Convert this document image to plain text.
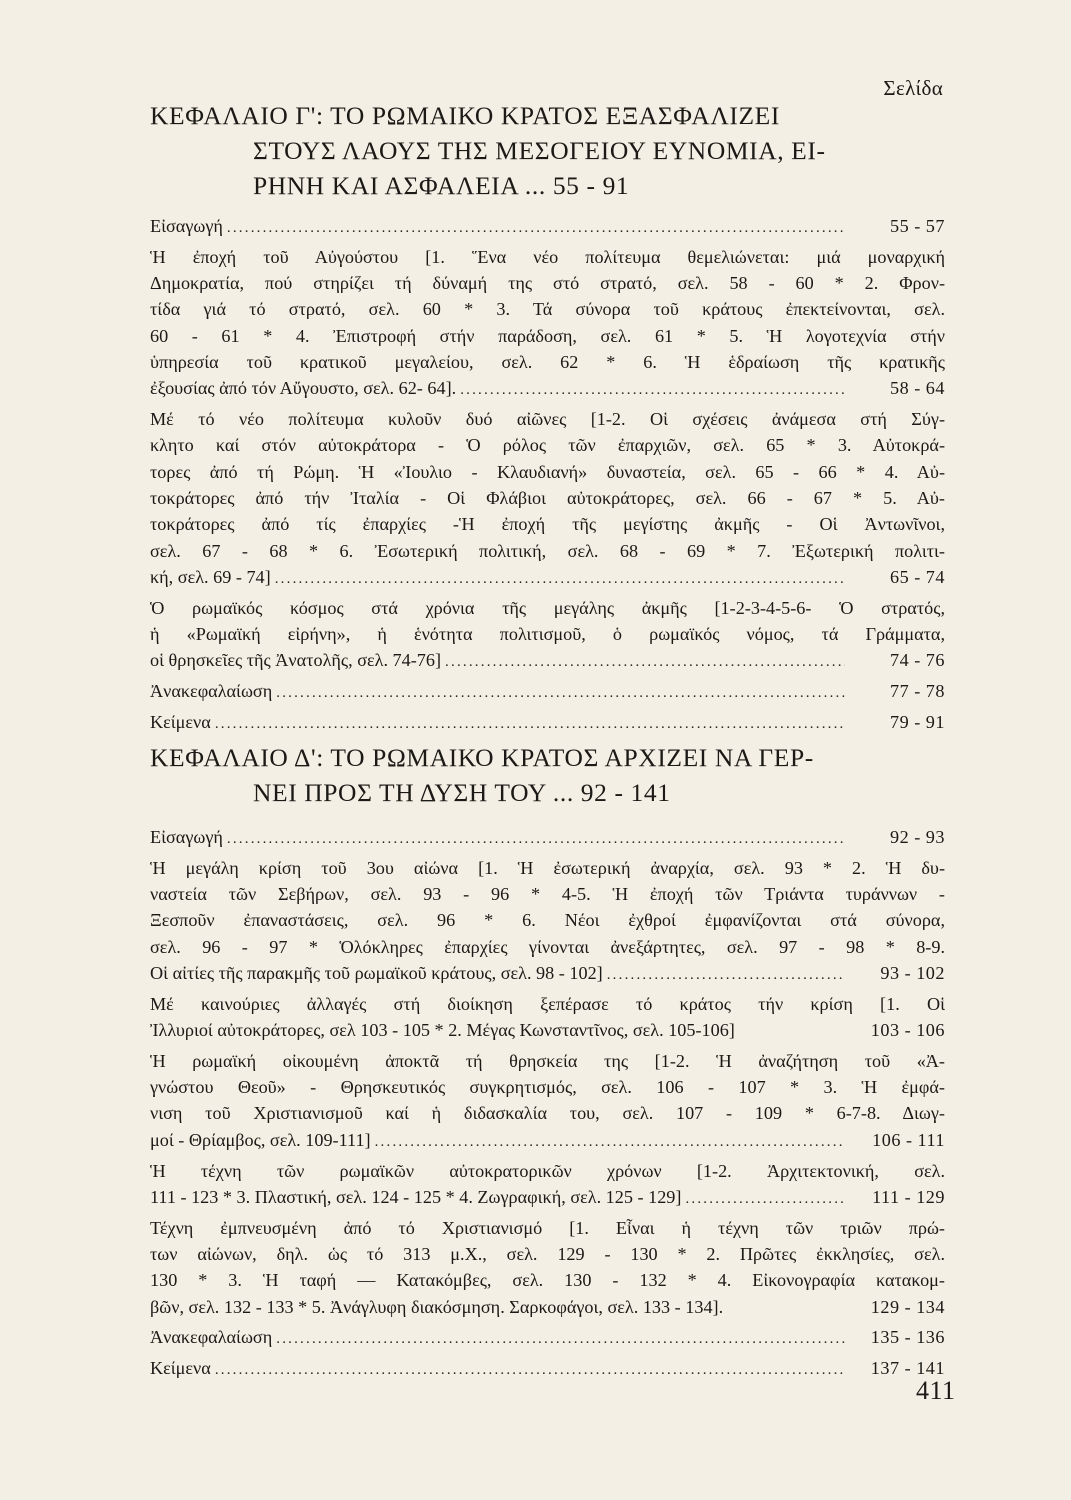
Σελίδα
ΚΕΦΑΛΑΙΟ Γ': ΤΟ ΡΩΜΑΙΚΟ ΚΡΑΤΟΣ ΕΞΑΣΦΑΛΙΖΕΙ
ΣΤΟΥΣ ΛΑΟΥΣ ΤΗΣ ΜΕΣΟΓΕΙΟΥ ΕΥΝΟΜΙΑ, ΕΙ-
ΡΗΝΗ ΚΑΙ ΑΣΦΑΛΕΙΑ ... 55 - 91
Εἰσαγωγή .....	55 - 57
Ἡ ἐποχή τοῦ Αὐγούστου [1. Ἕνα νέο πολίτευμα θεμελιώνεται: μιά μοναρχική
Δημοκρατία, πού στηρίζει τή δύναμή της στό στρατό, σελ. 58 - 60 * 2. Φρον-
τίδα γιά τό στρατό, σελ. 60 * 3. Τά σύνορα τοῦ κράτους ἐπεκτείνονται, σελ.
60 - 61 * 4. Ἐπιστροφή στήν παράδοση, σελ. 61 * 5. Ἡ λογοτεχνία στήν
ὑπηρεσία τοῦ κρατικοῦ μεγαλείου, σελ. 62 * 6. Ἡ ἑδραίωση τῆς κρατικῆς
ἐξουσίας ἀπό τόν Αὔγουστο, σελ. 62- 64]. .....	58 - 64
Μέ τό νέο πολίτευμα κυλοῦν δυό αἰῶνες [1-2. Οἱ σχέσεις ἀνάμεσα στή Σύγ-
κλητο καί στόν αὐτοκράτορα - Ὁ ρόλος τῶν ἐπαρχιῶν, σελ. 65 * 3. Αὐτοκρά-
τορες ἀπό τή Ρώμη. Ἡ «Ἰουλιο - Κλαυδιανή» δυναστεία, σελ. 65 - 66 * 4. Αὐ-
τοκράτορες ἀπό τήν Ἰταλία - Οἱ Φλάβιοι αὐτοκράτορες, σελ. 66 - 67 * 5. Αὐ-
τοκράτορες ἀπό τίς ἐπαρχίες -Ἡ ἐποχή τῆς μεγίστης ἀκμῆς - Οἱ Ἀντωνῖνοι,
σελ. 67 - 68 * 6. Ἐσωτερική πολιτική, σελ. 68 - 69 * 7. Ἐξωτερική πολιτι-
κή, σελ. 69 - 74] .....	65 - 74
Ὁ ρωμαϊκός κόσμος στά χρόνια τῆς μεγάλης ἀκμῆς [1-2-3-4-5-6- Ὁ στρατός,
ἡ «Ρωμαϊκή εἰρήνη», ἡ ἑνότητα πολιτισμοῦ, ὁ ρωμαϊκός νόμος, τά Γράμματα,
οἱ θρησκεῖες τῆς Ἀνατολῆς, σελ. 74-76] .....	74 - 76
Ἀνακεφαλαίωση .....	77 - 78
Κείμενα .....	79 - 91
ΚΕΦΑΛΑΙΟ Δ': ΤΟ ΡΩΜΑΙΚΟ ΚΡΑΤΟΣ ΑΡΧΙΖΕΙ ΝΑ ΓΕΡ-
ΝΕΙ ΠΡΟΣ ΤΗ ΔΥΣΗ ΤΟΥ ... 92 - 141
Εἰσαγωγή .....	92 - 93
Ἡ μεγάλη κρίση τοῦ 3ου αἰώνα [1. Ἡ ἐσωτερική ἀναρχία, σελ. 93 * 2. Ἡ δυ-
ναστεία τῶν Σεβήρων, σελ. 93 - 96 * 4-5. Ἡ ἐποχή τῶν Τριάντα τυράννων -
Ξεσποῦν ἐπαναστάσεις, σελ. 96 * 6. Νέοι ἐχθροί ἐμφανίζονται στά σύνορα,
σελ. 96 - 97 * Ὁλόκληρες ἐπαρχίες γίνονται ἀνεξάρτητες, σελ. 97 - 98 * 8-9.
Οἱ αἰτίες τῆς παρακμῆς τοῦ ρωμαϊκοῦ κράτους, σελ. 98 - 102] .....	93 - 102
Μέ καινούριες ἀλλαγές στή διοίκηση ξεπέρασε τό κράτος τήν κρίση [1. Οἱ
Ἰλλυριοί αὐτοκράτορες, σελ 103 - 105 * 2. Μέγας Κωνσταντῖνος, σελ. 105-106]	103 - 106
Ἡ ρωμαϊκή οἰκουμένη ἀποκτᾶ τή θρησκεία της [1-2. Ἡ ἀναζήτηση τοῦ «Ἀ-
γνώστου Θεοῦ» - Θρησκευτικός συγκρητισμός, σελ. 106 - 107 * 3. Ἡ ἐμφά-
νιση τοῦ Χριστιανισμοῦ καί ἡ διδασκαλία του, σελ. 107 - 109 * 6-7-8. Διωγ-
μοί - Θρίαμβος, σελ. 109-111] .....	106 - 111
Ἡ τέχνη τῶν ρωμαϊκῶν αὐτοκρατορικῶν χρόνων [1-2. Ἀρχιτεκτονική, σελ.
111 - 123 * 3. Πλαστική, σελ. 124 - 125 * 4. Ζωγραφική, σελ. 125 - 129] .....	111 - 129
Τέχνη ἐμπνευσμένη ἀπό τό Χριστιανισμό [1. Εἶναι ἡ τέχνη τῶν τριῶν πρώ-
των αἰώνων, δηλ. ὡς τό 313 μ.Χ., σελ. 129 - 130 * 2. Πρῶτες ἐκκλησίες, σελ.
130 * 3. Ἡ ταφή — Κατακόμβες, σελ. 130 - 132 * 4. Εἰκονογραφία κατακομ-
βῶν, σελ. 132 - 133 * 5. Ἀνάγλυφη διακόσμηση. Σαρκοφάγοι, σελ. 133 - 134].	129 - 134
Ἀνακεφαλαίωση .....	135 - 136
Κείμενα .....	137 - 141
411
